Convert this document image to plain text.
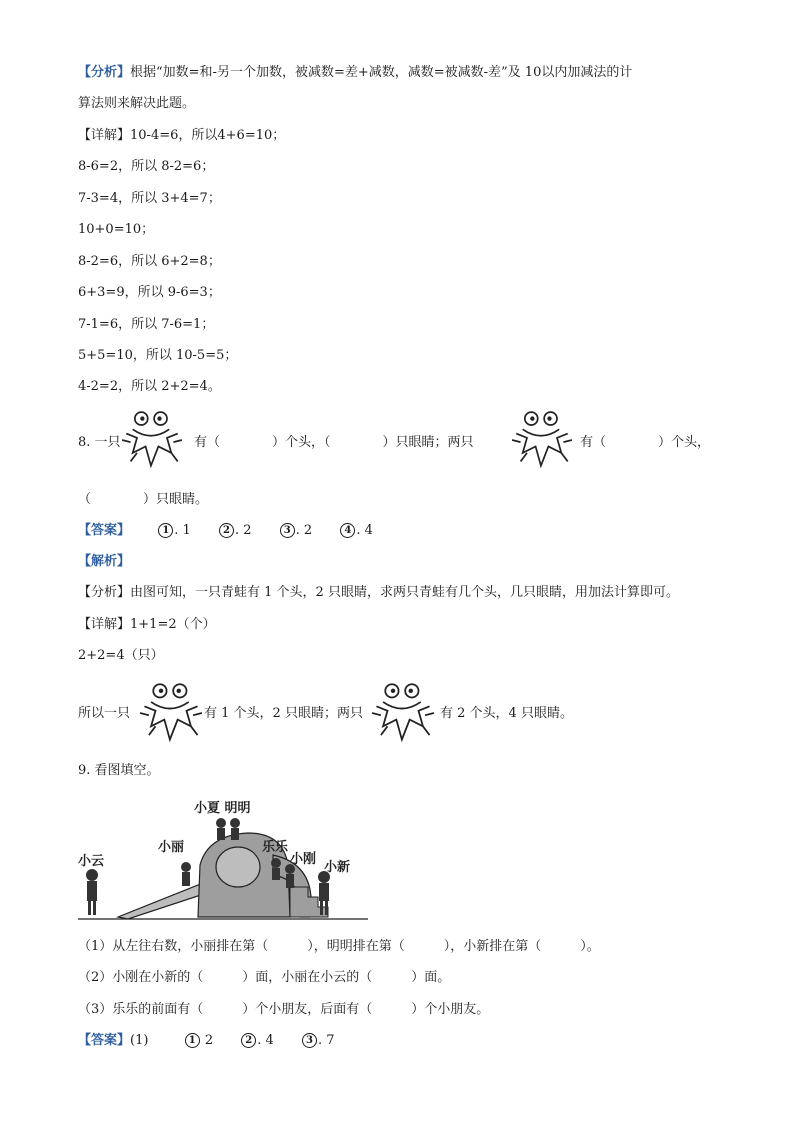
【分析】根据“加数=和-另一个加数，被减数=差+减数，减数=被减数-差”及 10以内加减法的计
算法则来解决此题。
【详解】10-4=6，所以4+6=10；
8-6=2，所以 8-2=6；
7-3=4，所以 3+4=7；
10+0=10；
8-2=6，所以 6+2=8；
6+3=9，所以 9-6=3；
7-1=6，所以 7-6=1；
5+5=10，所以 10-5=5；
4-2=2，所以 2+2=4。
8. 一只	有（　　　　）个头，（　　　　）只眼睛；两只	有（　　　　）个头，
（　　　　）只眼睛。
【答案】	1 . 1	2 . 2	3 . 2	4 . 4
【解析】
【分析】由图可知，一只青蛙有 1 个头，2 只眼睛，求两只青蛙有几个头，几只眼睛，用加法计算即可。
【详解】1+1=2（个）
2+2=4（只）
所以一只	有 1 个头，2 只眼睛；两只	有 2 个头，4 只眼睛。
9. 看图填空。
小夏 明明
小丽	乐乐
小刚
小新
小云
（1）从左往右数，小丽排在第（　　　），明明排在第（　　　），小新排在第（　　　）。
（2）小刚在小新的（　　　）面，小丽在小云的（　　　）面。
（3）乐乐的前面有（　　　）个小朋友，后面有（　　　）个小朋友。
【答案】(1)	1 2	2 . 4	3 . 7
